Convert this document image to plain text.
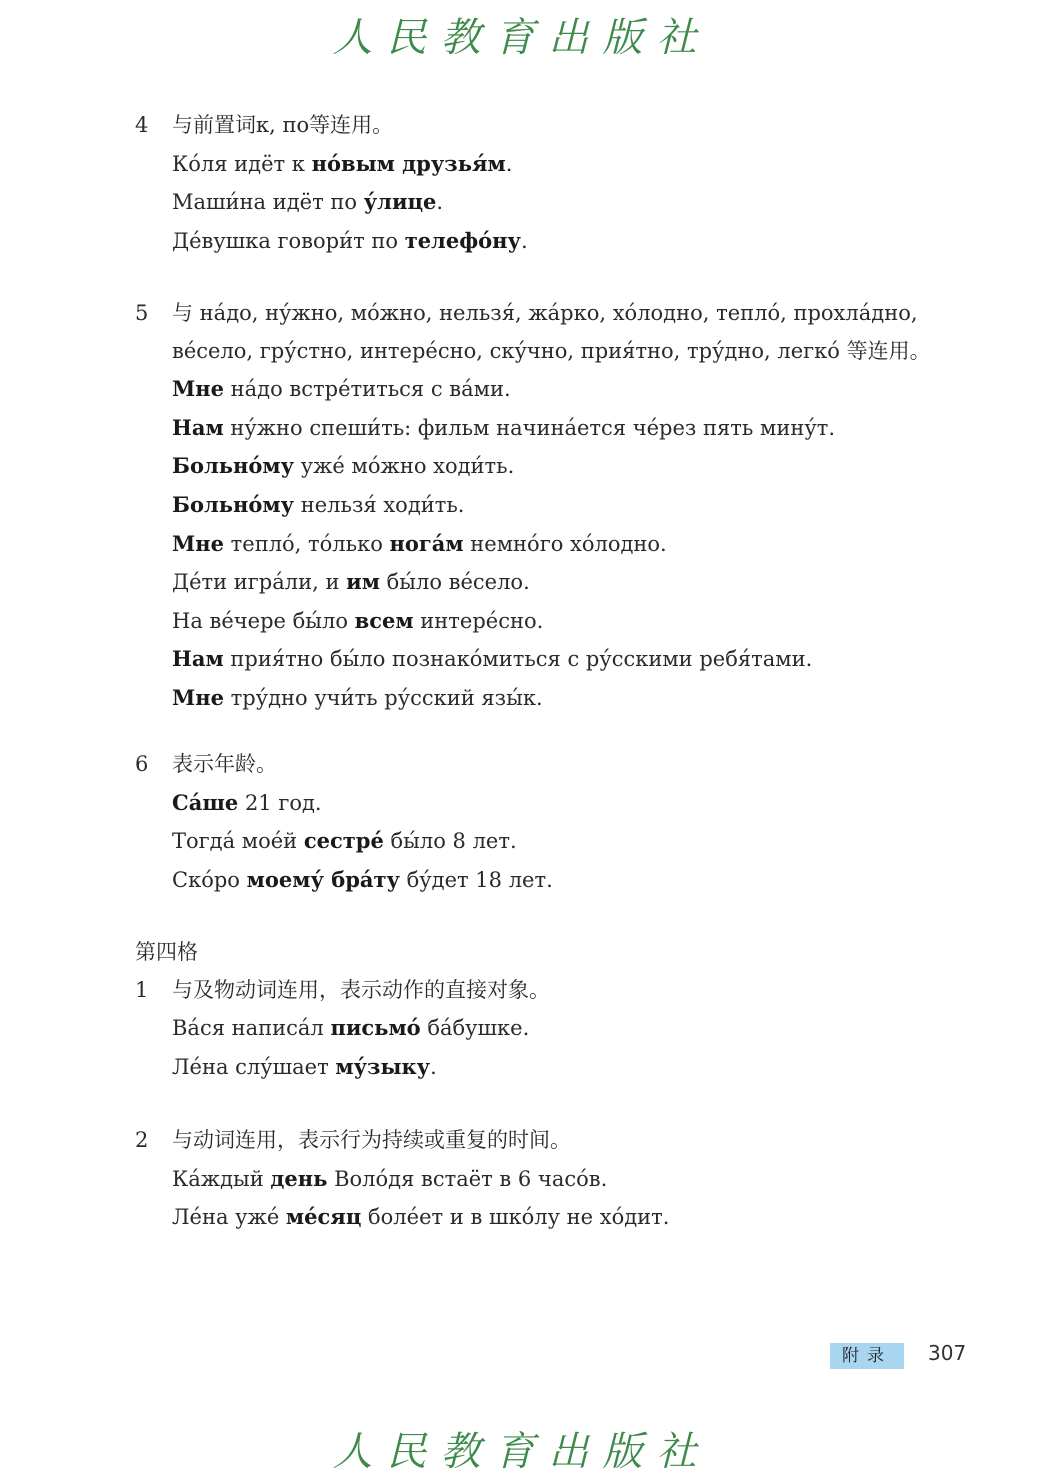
人民教育出版社
4	与前置词к, по等连用。
Ко́ля идёт к но́вым друзья́м.
Маши́на идёт по у́лице.
Де́вушка говори́т по телефо́ну.
5	与 на́до, ну́жно, мо́жно, нельзя́, жа́рко, хо́лодно, тепло́, прохла́дно, ве́село, гру́стно, интере́сно, ску́чно, прия́тно, тру́дно, легко́ 等连用。
Мне на́до встре́титься с ва́ми.
Нам ну́жно спеши́ть: фильм начина́ется че́рез пять мину́т.
Больно́му уже́ мо́жно ходи́ть.
Больно́му нельзя́ ходи́ть.
Мне тепло́, то́лько нога́м немно́го хо́лодно.
Де́ти игра́ли, и им бы́ло ве́село.
На ве́чере бы́ло всем интере́сно.
Нам прия́тно бы́ло познако́миться с ру́сскими ребя́тами.
Мне тру́дно учи́ть ру́сский язы́к.
6	表示年龄。
Са́ше 21 год.
Тогда́ мое́й сестре́ бы́ло 8 лет.
Ско́ро моему́ бра́ту бу́дет 18 лет.
第四格
1	与及物动词连用，表示动作的直接对象。
Ва́ся написа́л письмо́ ба́бушке.
Ле́на слу́шает му́зыку.
2	与动词连用，表示行为持续或重复的时间。
Ка́ждый день Воло́дя встаёт в 6 часо́в.
Ле́на уже́ ме́сяц боле́ет и в шко́лу не хо́дит.
附录	307
人民教育出版社
